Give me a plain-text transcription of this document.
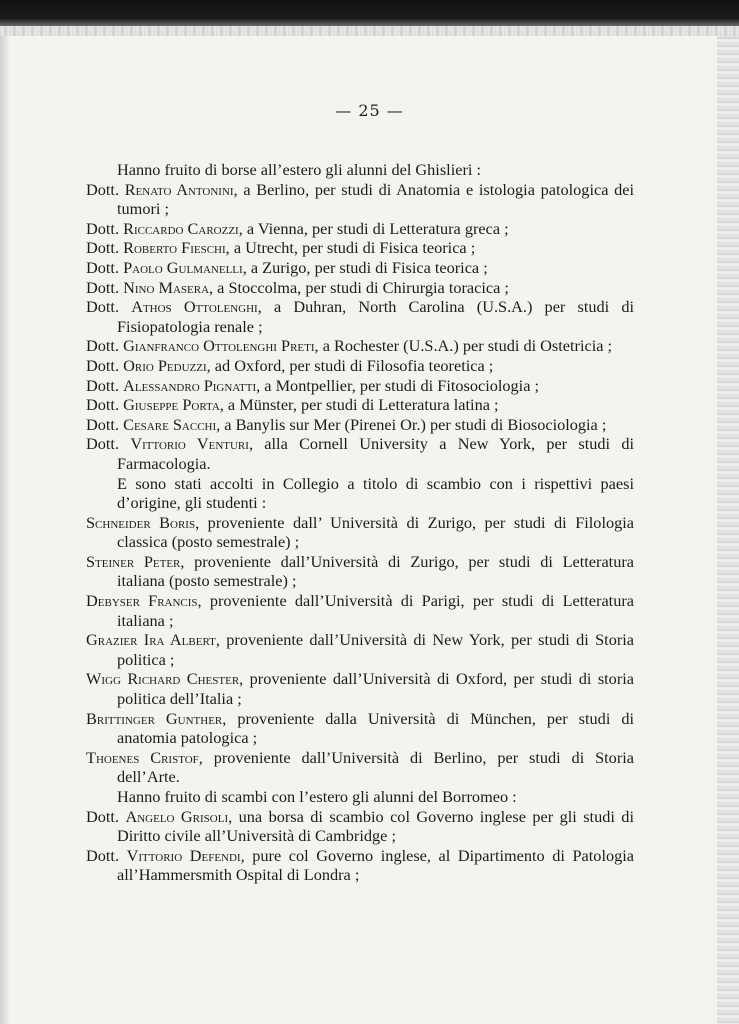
— 25 —

Hanno fruito di borse all’estero gli alunni del Ghislieri :

Dott. Renato Antonini, a Berlino, per studi di Anatomia e istologia patologica dei tumori ;

Dott. Riccardo Carozzi, a Vienna, per studi di Letteratura greca ;

Dott. Roberto Fieschi, a Utrecht, per studi di Fisica teorica ;

Dott. Paolo Gulmanelli, a Zurigo, per studi di Fisica teorica ;

Dott. Nino Masera, a Stoccolma, per studi di Chirurgia toracica ;

Dott. Athos Ottolenghi, a Duhran, North Carolina (U.S.A.) per studi di Fisiopatologia renale ;

Dott. Gianfranco Ottolenghi Preti, a Rochester (U.S.A.) per studi di Ostetricia ;

Dott. Orio Peduzzi, ad Oxford, per studi di Filosofia teoretica ;

Dott. Alessandro Pignatti, a Montpellier, per studi di Fitosociologia ;

Dott. Giuseppe Porta, a Münster, per studi di Letteratura latina ;

Dott. Cesare Sacchi, a Banylis sur Mer (Pirenei Or.) per studi di Biosociologia ;

Dott. Vittorio Venturi, alla Cornell University a New York, per studi di Farmacologia.

E sono stati accolti in Collegio a titolo di scambio con i rispettivi paesi d’origine, gli studenti :

Schneider Boris, proveniente dall’ Università di Zurigo, per studi di Filologia classica (posto semestrale) ;

Steiner Peter, proveniente dall’Università di Zurigo, per studi di Letteratura italiana (posto semestrale) ;

Debyser Francis, proveniente dall’Università di Parigi, per studi di Letteratura italiana ;

Grazier Ira Albert, proveniente dall’Università di New York, per studi di Storia politica ;

Wigg Richard Chester, proveniente dall’Università di Oxford, per studi di storia politica dell’Italia ;

Brittinger Gunther, proveniente dalla Università di München, per studi di anatomia patologica ;

Thoenes Cristof, proveniente dall’Università di Berlino, per studi di Storia dell’Arte.

Hanno fruito di scambi con l’estero gli alunni del Borromeo :

Dott. Angelo Grisoli, una borsa di scambio col Governo inglese per gli studi di Diritto civile all’Università di Cambridge ;

Dott. Vittorio Defendi, pure col Governo inglese, al Dipartimento di Patologia all’Hammersmith Ospital di Londra ;
